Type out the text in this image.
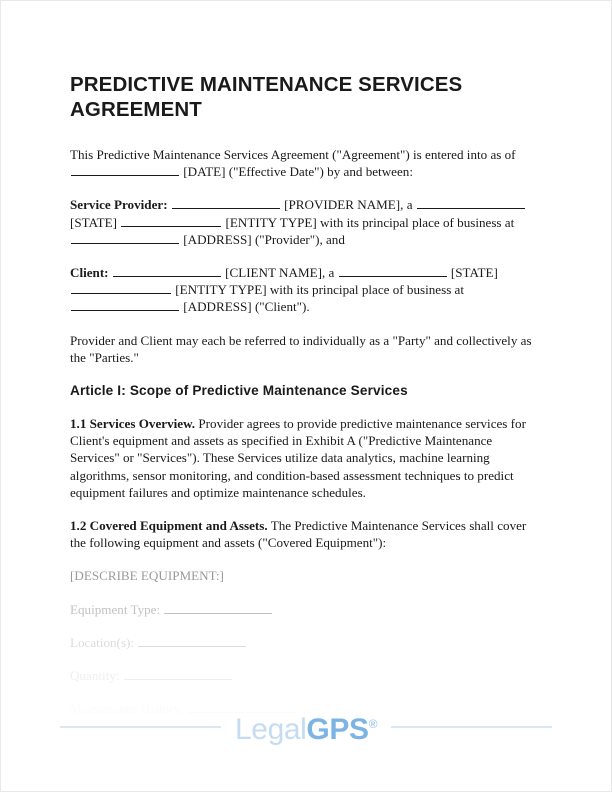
PREDICTIVE MAINTENANCE SERVICES AGREEMENT

This Predictive Maintenance Services Agreement ("Agreement") is entered into as of  [DATE] ("Effective Date") by and between:

Service Provider:	[PROVIDER NAME], a  [STATE]	[ENTITY TYPE] with its principal place of business at  [ADDRESS] ("Provider"), and

Client:	[CLIENT NAME], a	[STATE]  [ENTITY TYPE] with its principal place of business at  [ADDRESS] ("Client").

Provider and Client may each be referred to individually as a "Party" and collectively as the "Parties."

Article I: Scope of Predictive Maintenance Services

1.1 Services Overview. Provider agrees to provide predictive maintenance services for Client's equipment and assets as specified in Exhibit A ("Predictive Maintenance Services" or "Services"). These Services utilize data analytics, machine learning algorithms, sensor monitoring, and condition-based assessment techniques to predict equipment failures and optimize maintenance schedules.

1.2 Covered Equipment and Assets. The Predictive Maintenance Services shall cover the following equipment and assets ("Covered Equipment"):

[DESCRIBE EQUIPMENT:]
Equipment Type:
Location(s):
Quantity:
Maintenance History:
LegalGPS®
